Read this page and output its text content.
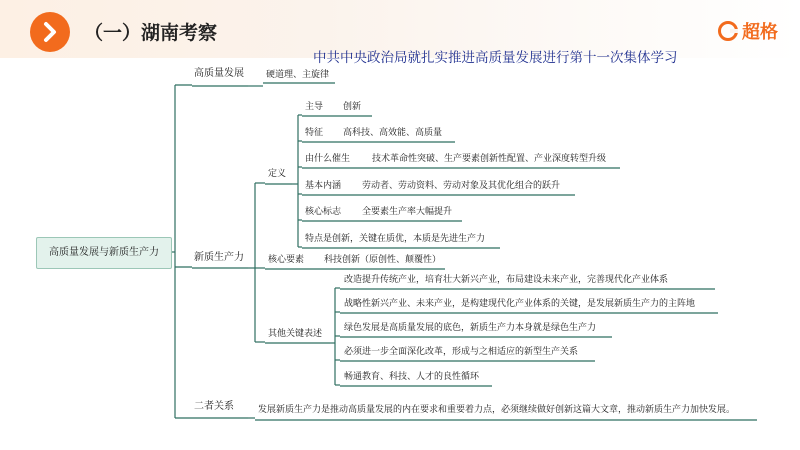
（一）湖南考察	超格
中共中央政治局就扎实推进高质量发展进行第十一次集体学习
高质量发展与新质生产力
高质量发展 硬道理、主旋律
新质生产力
定义
主导 创新
特征 高科技、高效能、高质量
由什么催生 技术革命性突破、生产要素创新性配置、产业深度转型升级
基本内涵 劳动者、劳动资料、劳动对象及其优化组合的跃升
核心标志 全要素生产率大幅提升
特点是创新，关键在质优，本质是先进生产力
核心要素 科技创新（原创性、颠覆性）
其他关键表述
改造提升传统产业，培育壮大新兴产业，布局建设未来产业，完善现代化产业体系
战略性新兴产业、未来产业，是构建现代化产业体系的关键，是发展新质生产力的主阵地
绿色发展是高质量发展的底色，新质生产力本身就是绿色生产力
必须进一步全面深化改革，形成与之相适应的新型生产关系
畅通教育、科技、人才的良性循环
二者关系	发展新质生产力是推动高质量发展的内在要求和重要着力点，必须继续做好创新这篇大文章，推动新质生产力加快发展。
